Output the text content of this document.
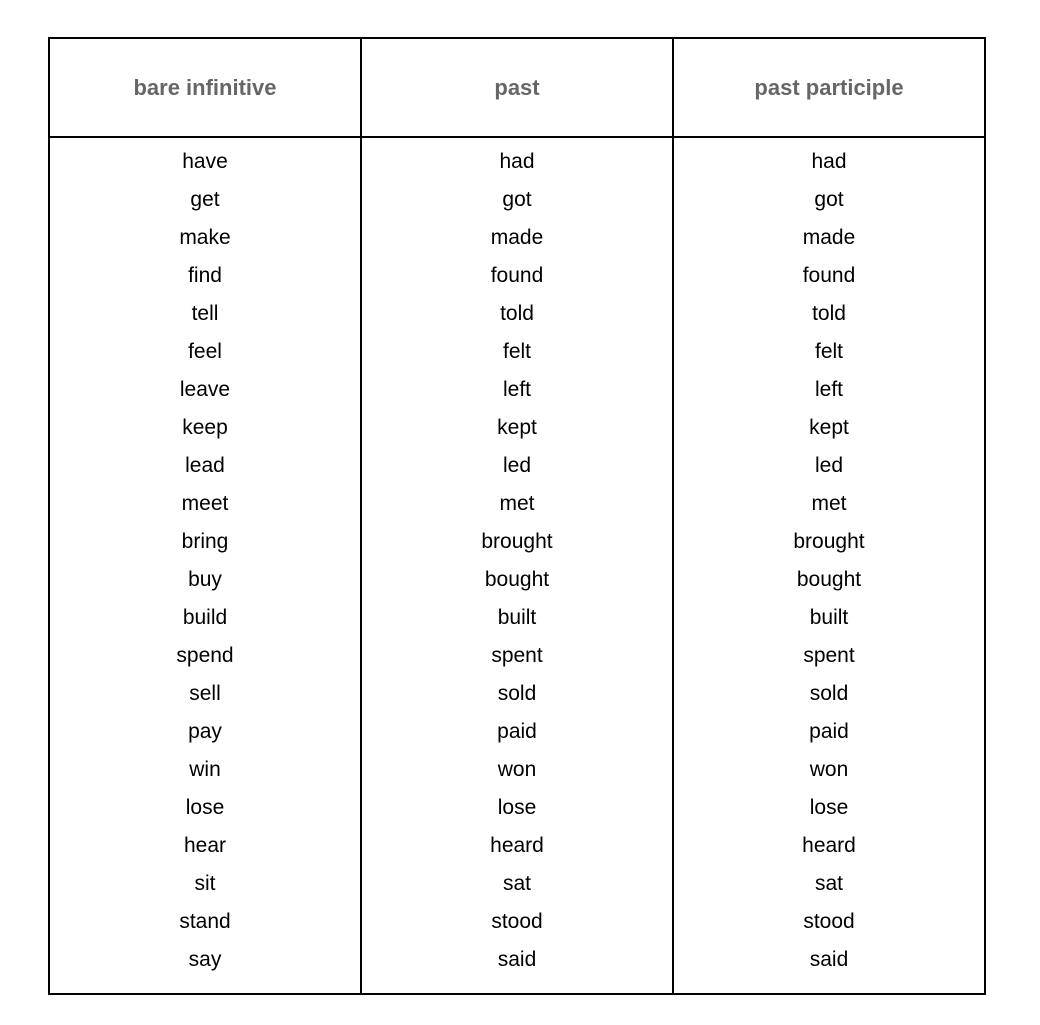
bare infinitive	past	past participle
have
get
make
find
tell
feel
leave
keep
lead
meet
bring
buy
build
spend
sell
pay
win
lose
hear
sit
stand
say
had
got
made
found
told
felt
left
kept
led
met
brought
bought
built
spent
sold
paid
won
lose
heard
sat
stood
said
had
got
made
found
told
felt
left
kept
led
met
brought
bought
built
spent
sold
paid
won
lose
heard
sat
stood
said
